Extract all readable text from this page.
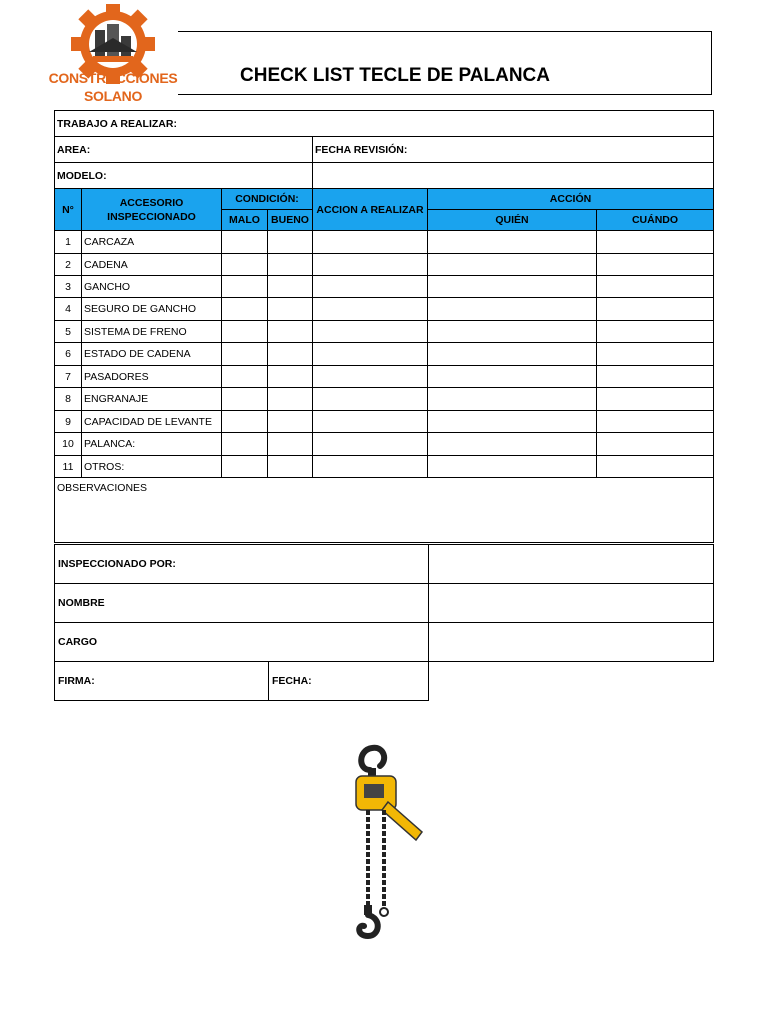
CONSTRUCCIONES
SOLANO
CHECK LIST TECLE DE PALANCA
TRABAJO A REALIZAR:						
AREA:				FECHA REVISIÓN:		
MODELO:						
N°	ACCESORIO INSPECCIONADO	CONDICIÓN:		ACCION A REALIZAR	ACCIÓN	
		MALO	BUENO		QUIÉN	CUÁNDO
1	CARCAZA					
2	CADENA					
3	GANCHO					
4	SEGURO DE GANCHO					
5	SISTEMA DE FRENO					
6	ESTADO DE CADENA					
7	PASADORES					
8	ENGRANAJE					
9	CAPACIDAD DE LEVANTE					
10	PALANCA:					
11	OTROS:					
OBSERVACIONES						
INSPECCIONADO POR:		
NOMBRE		
CARGO		
FIRMA:	FECHA:	
